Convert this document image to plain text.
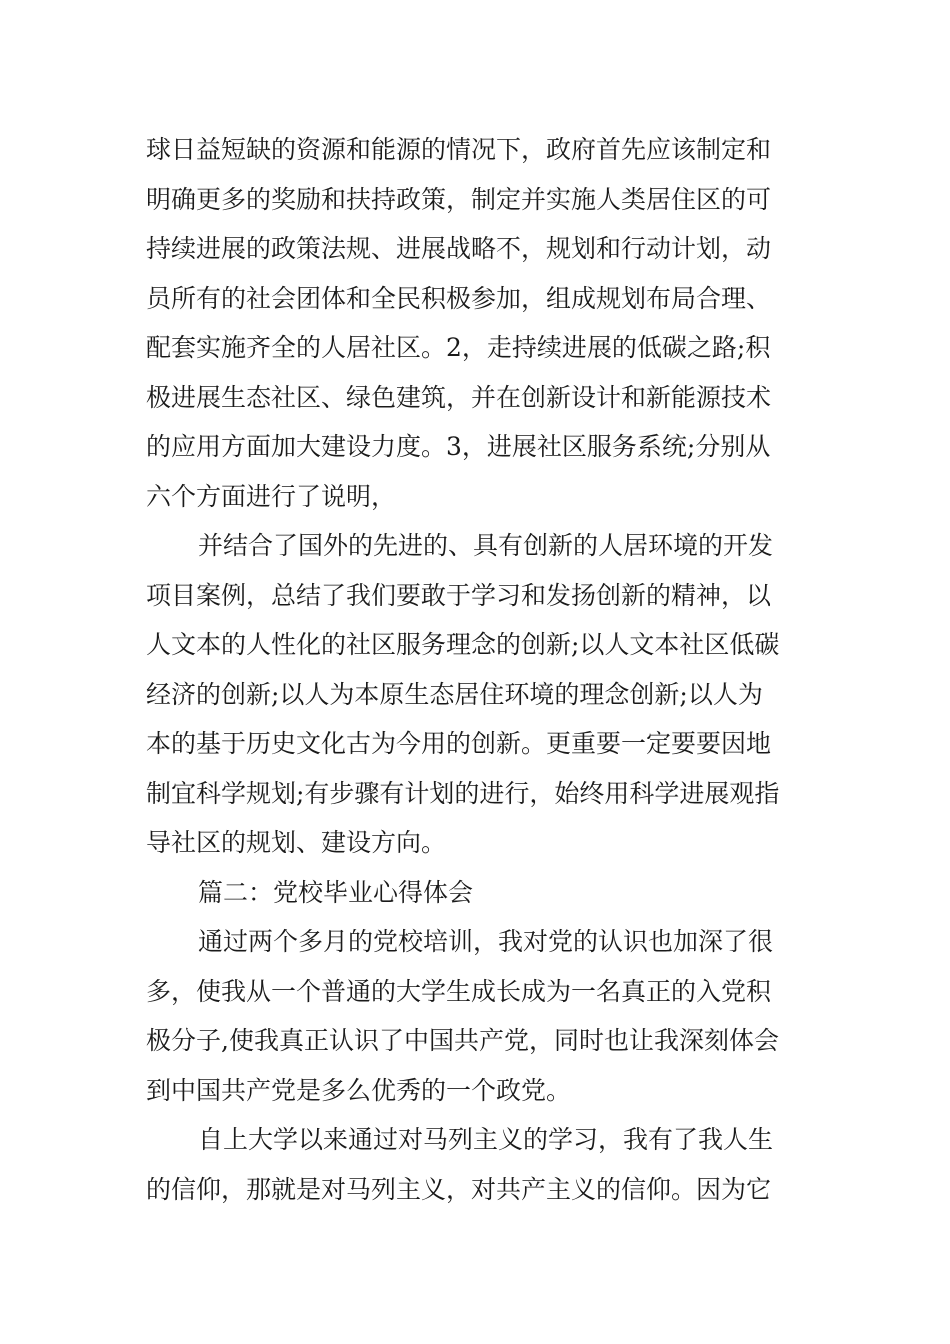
球日益短缺的资源和能源的情况下，政府首先应该制定和
明确更多的奖励和扶持政策，制定并实施人类居住区的可
持续进展的政策法规、进展战略不，规划和行动计划，动
员所有的社会团体和全民积极参加，组成规划布局合理、
配套实施齐全的人居社区。2，走持续进展的低碳之路;积
极进展生态社区、绿色建筑，并在创新设计和新能源技术
的应用方面加大建设力度。3，进展社区服务系统;分别从
六个方面进行了说明，
并结合了国外的先进的、具有创新的人居环境的开发
项目案例，总结了我们要敢于学习和发扬创新的精神，以
人文本的人性化的社区服务理念的创新;以人文本社区低碳
经济的创新;以人为本原生态居住环境的理念创新;以人为
本的基于历史文化古为今用的创新。更重要一定要要因地
制宜科学规划;有步骤有计划的进行，始终用科学进展观指
导社区的规划、建设方向。
篇二：党校毕业心得体会
通过两个多月的党校培训，我对党的认识也加深了很
多，使我从一个普通的大学生成长成为一名真正的入党积
极分子,使我真正认识了中国共产党，同时也让我深刻体会
到中国共产党是多么优秀的一个政党。
自上大学以来通过对马列主义的学习，我有了我人生
的信仰，那就是对马列主义，对共产主义的信仰。因为它
